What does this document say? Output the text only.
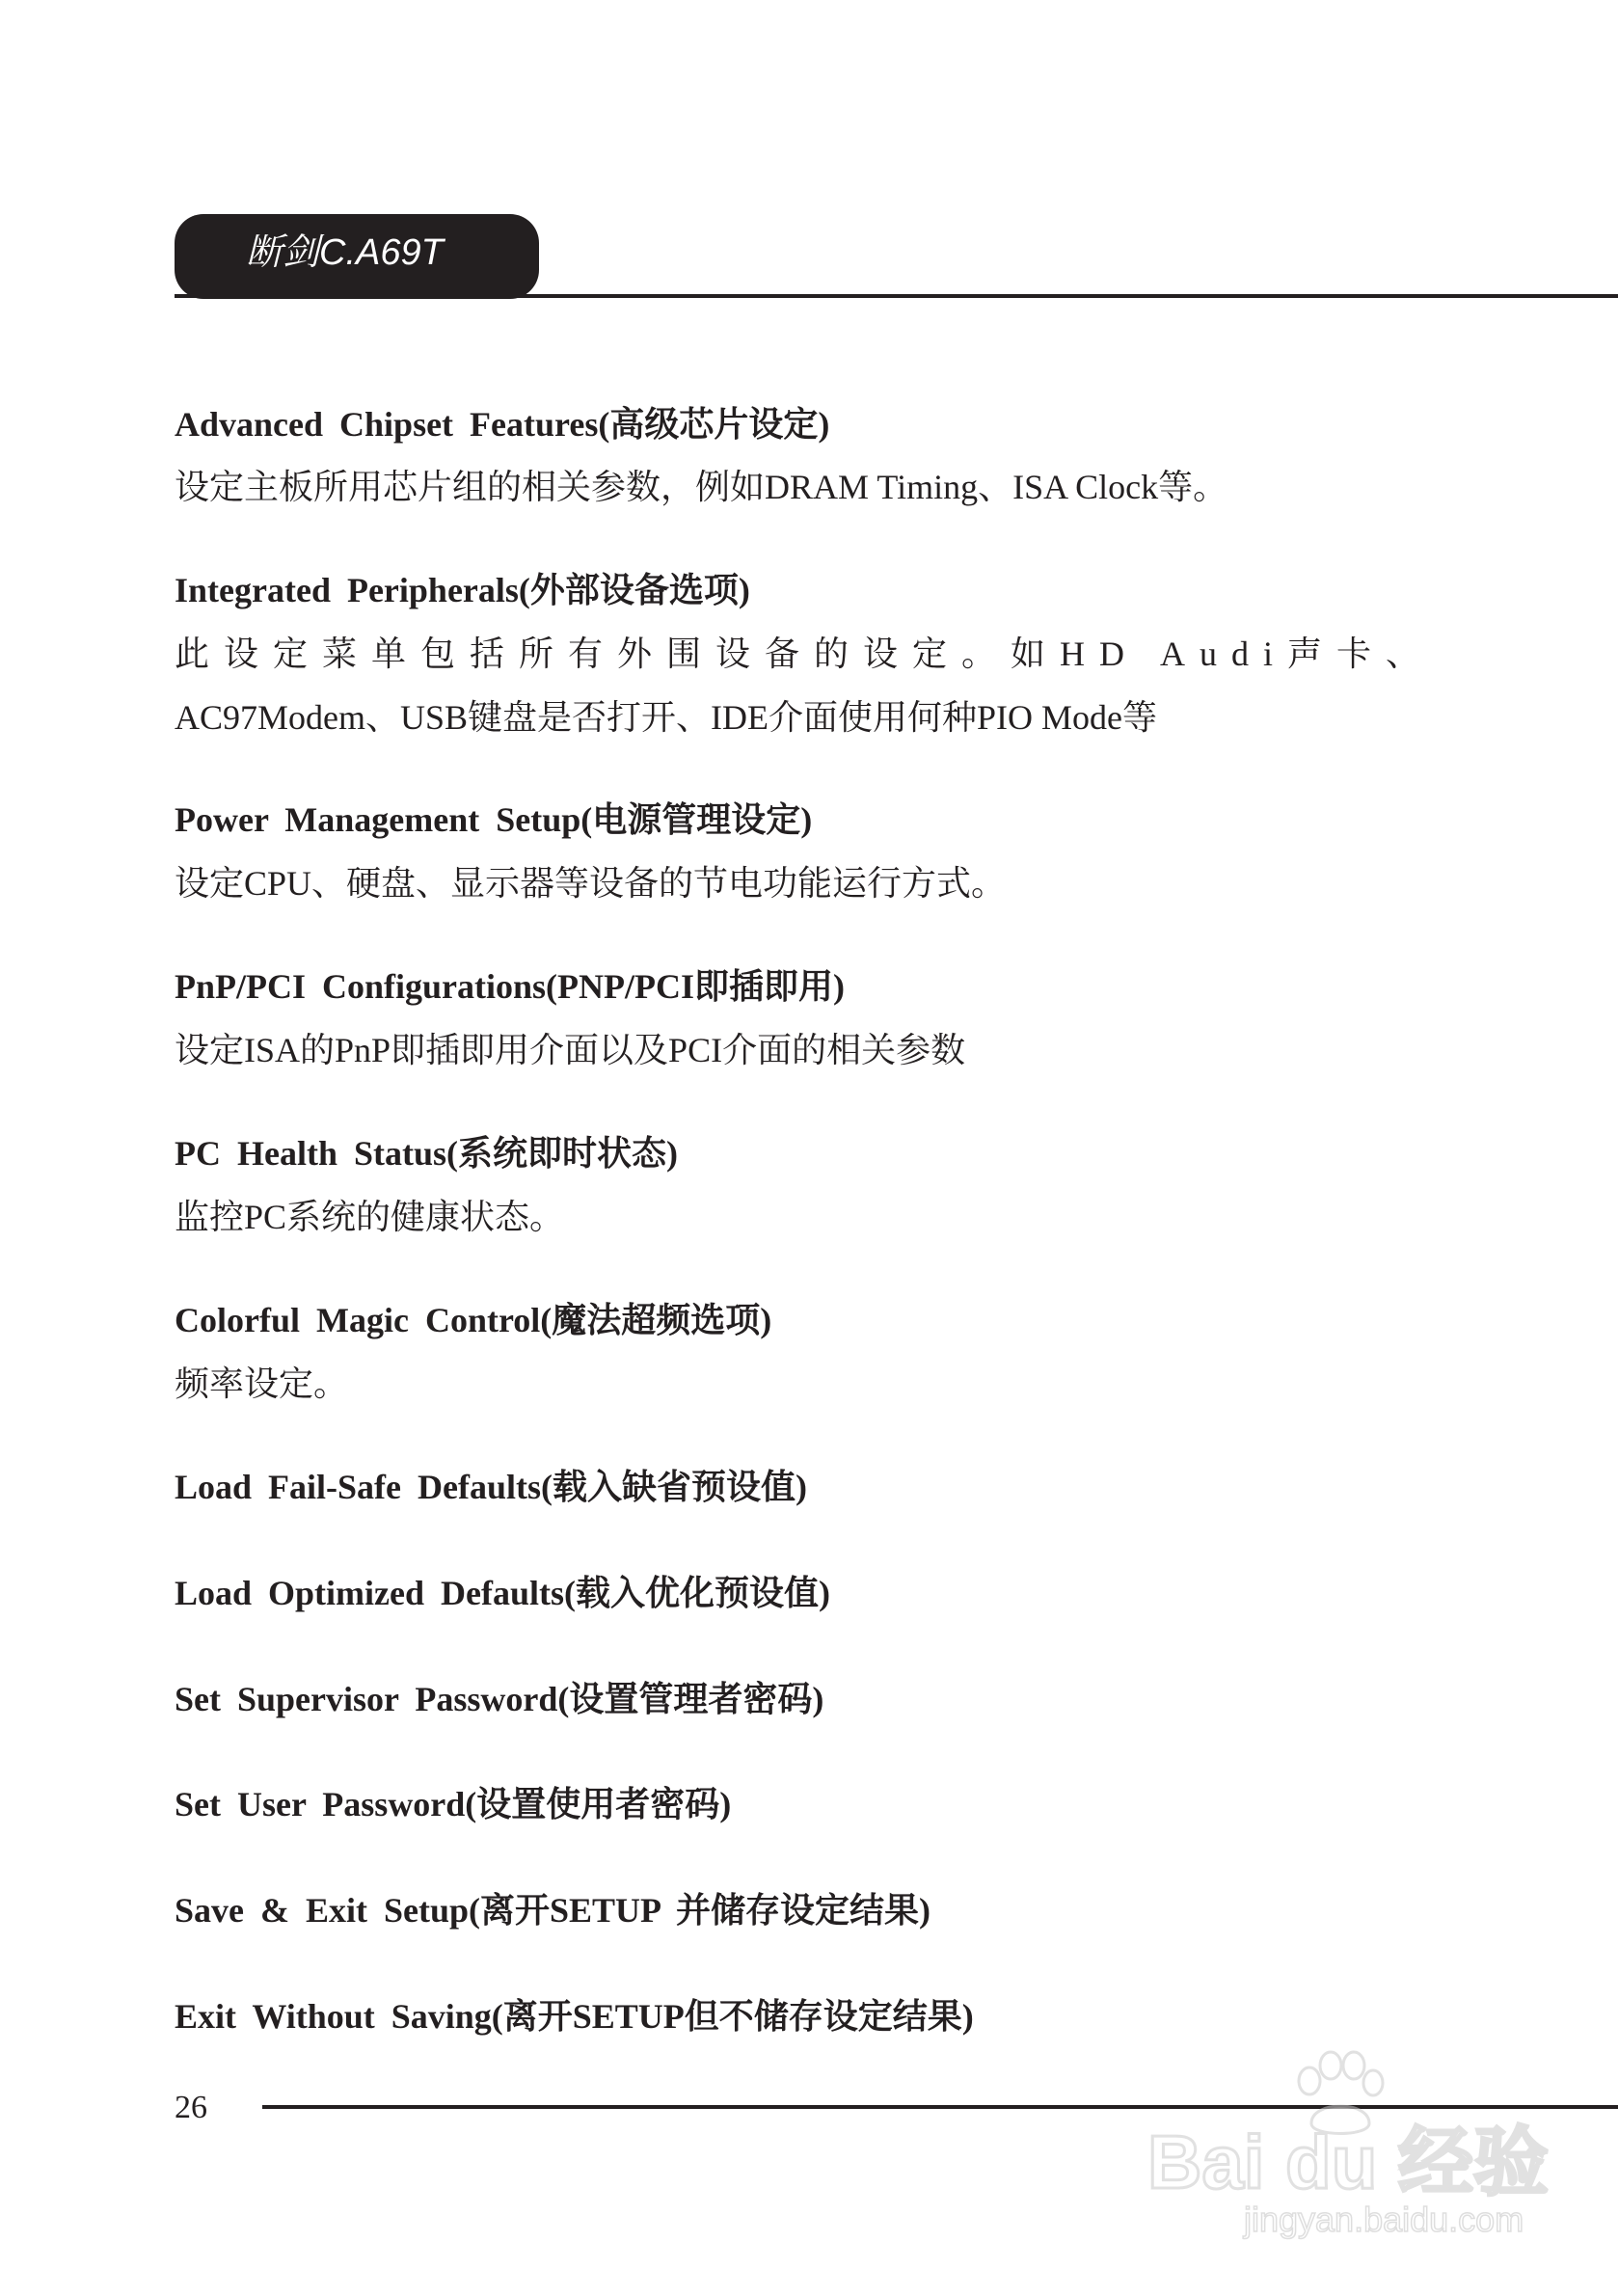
断剑C.A69T
Advanced Chipset Features(高级芯片设定)
设定主板所用芯片组的相关参数，例如DRAM Timing、ISA Clock等。
Integrated Peripherals(外部设备选项)
此设定菜单包括所有外围设备的设定。如HD Audi声卡、
AC97Modem、USB键盘是否打开、IDE介面使用何种PIO Mode等
Power Management Setup(电源管理设定)
设定CPU、硬盘、显示器等设备的节电功能运行方式。
PnP/PCI Configurations(PNP/PCI即插即用)
设定ISA的PnP即插即用介面以及PCI介面的相关参数
PC Health Status(系统即时状态)
监控PC系统的健康状态。
Colorful Magic Control(魔法超频选项)
频率设定。
Load Fail-Safe Defaults(载入缺省预设值)
Load Optimized Defaults(载入优化预设值)
Set Supervisor Password(设置管理者密码)
Set User Password(设置使用者密码)
Save & Exit Setup(离开SETUP 并储存设定结果)
Exit Without Saving(离开SETUP但不储存设定结果)
26
Bai du 经验
jingyan.baidu.com
